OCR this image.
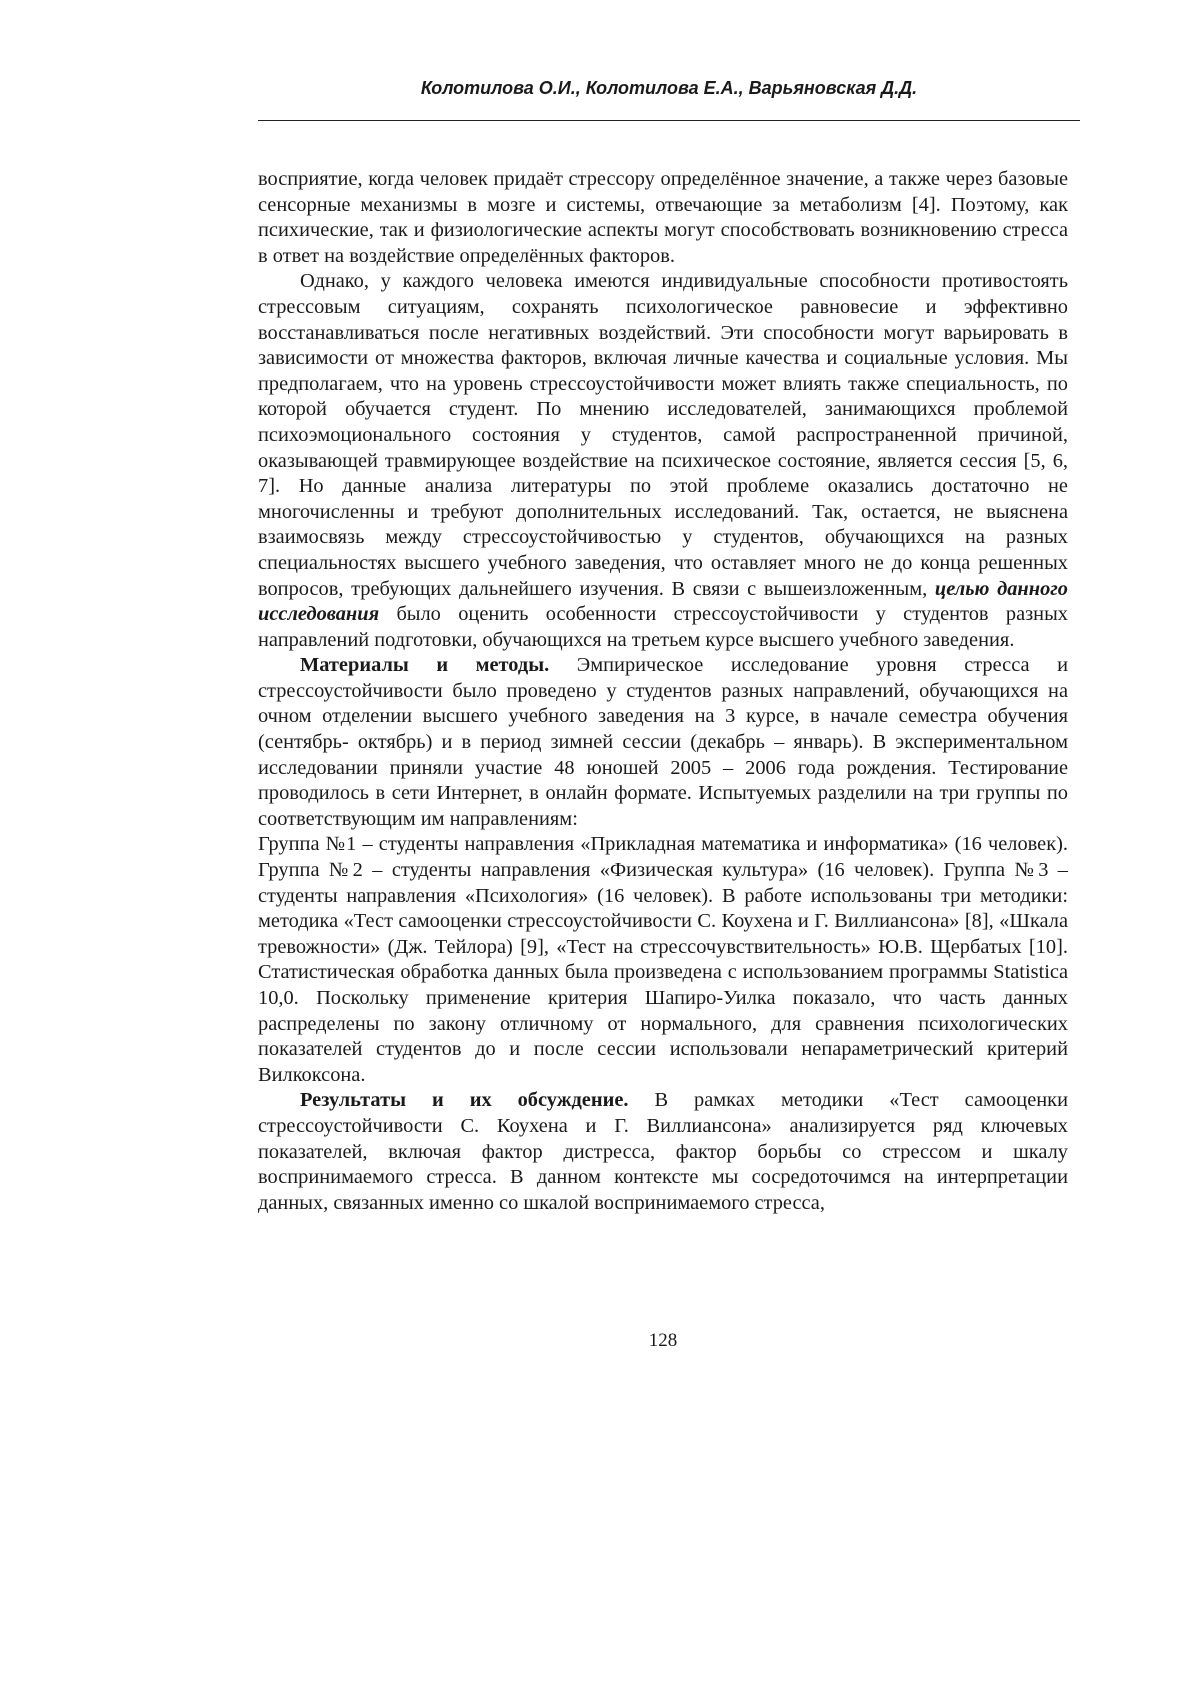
Колотилова О.И., Колотилова Е.А., Варьяновская Д.Д.

восприятие, когда человек придаёт стрессору определённое значение, а также через базовые сенсорные механизмы в мозге и системы, отвечающие за метаболизм [4]. Поэтому, как психические, так и физиологические аспекты могут способствовать возникновению стресса в ответ на воздействие определённых факторов.

Однако, у каждого человека имеются индивидуальные способности противостоять стрессовым ситуациям, сохранять психологическое равновесие и эффективно восстанавливаться после негативных воздействий. Эти способности могут варьировать в зависимости от множества факторов, включая личные качества и социальные условия. Мы предполагаем, что на уровень стрессоустойчивости может влиять также специальность, по которой обучается студент. По мнению исследователей, занимающихся проблемой психоэмоционального состояния у студентов, самой распространенной причиной, оказывающей травмирующее воздействие на психическое состояние, является сессия [5, 6, 7]. Но данные анализа литературы по этой проблеме оказались достаточно не многочисленны и требуют дополнительных исследований. Так, остается, не выяснена взаимосвязь между стрессоустойчивостью у студентов, обучающихся на разных специальностях высшего учебного заведения, что оставляет много не до конца решенных вопросов, требующих дальнейшего изучения. В связи с вышеизложенным, целью данного исследования было оценить особенности стрессоустойчивости у студентов разных направлений подготовки, обучающихся на третьем курсе высшего учебного заведения.

Материалы и методы. Эмпирическое исследование уровня стресса и стрессоустойчивости было проведено у студентов разных направлений, обучающихся на очном отделении высшего учебного заведения на 3 курсе, в начале семестра обучения (сентябрь- октябрь) и в период зимней сессии (декабрь – январь). В экспериментальном исследовании приняли участие 48 юношей 2005 – 2006 года рождения. Тестирование проводилось в сети Интернет, в онлайн формате. Испытуемых разделили на три группы по соответствующим им направлениям:

Группа №1 – студенты направления «Прикладная математика и информатика» (16 человек). Группа №2 – студенты направления «Физическая культура» (16 человек). Группа №3 – студенты направления «Психология» (16 человек). В работе использованы три методики: методика «Тест самооценки стрессоустойчивости С. Коухена и Г. Виллиансона» [8], «Шкала тревожности» (Дж. Тейлора) [9], «Тест на стрессочувствительность» Ю.В. Щербатых [10]. Статистическая обработка данных была произведена с использованием программы Statistica 10,0. Поскольку применение критерия Шапиро-Уилка показало, что часть данных распределены по закону отличному от нормального, для сравнения психологических показателей студентов до и после сессии использовали непараметрический критерий Вилкоксона.

Результаты и их обсуждение. В рамках методики «Тест самооценки стрессоустойчивости С. Коухена и Г. Виллиансона» анализируется ряд ключевых показателей, включая фактор дистресса, фактор борьбы со стрессом и шкалу воспринимаемого стресса. В данном контексте мы сосредоточимся на интерпретации данных, связанных именно со шкалой воспринимаемого стресса,

128
